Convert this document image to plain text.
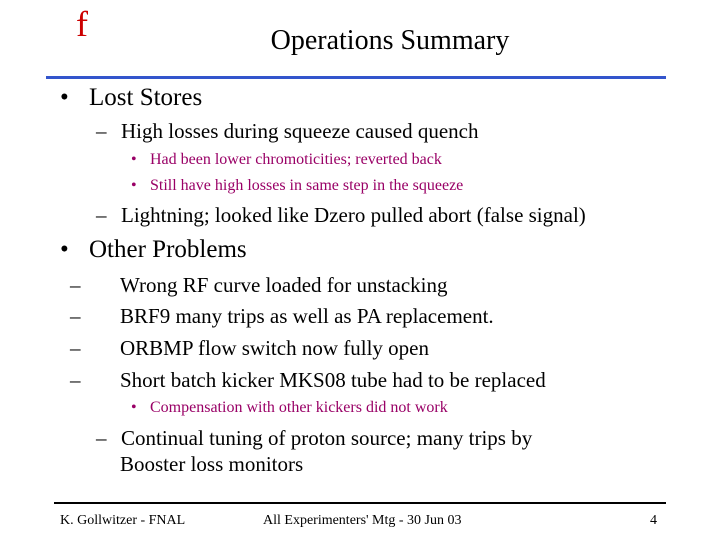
f	Operations Summary
• Lost Stores
– High losses during squeeze caused quench
• Had been lower chromoticities; reverted back
• Still have high losses in same step in the squeeze
– Lightning; looked like Dzero pulled abort (false signal)
• Other Problems
– Wrong RF curve loaded for unstacking
– BRF9 many trips as well as PA replacement.
– ORBMP flow switch now fully open
– Short batch kicker MKS08 tube had to be replaced
• Compensation with other kickers did not work
– Continual tuning of proton source; many trips by
Booster loss monitors
K. Gollwitzer - FNAL	All Experimenters' Mtg - 30 Jun 03	4
